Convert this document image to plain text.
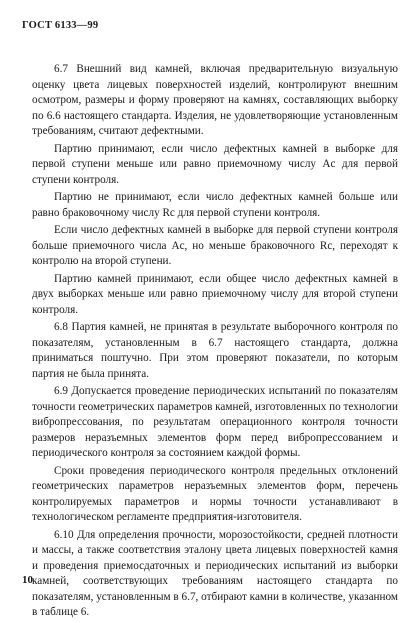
ГОСТ 6133—99

6.7 Внешний вид камней, включая предварительную визуальную оценку цвета лицевых поверхностей изделий, контролируют внешним осмотром, размеры и форму проверяют на камнях, составляющих выборку по 6.6 настоящего стандарта. Изделия, не удовлетворяющие установленным требованиям, считают дефектными.

Партию принимают, если число дефектных камней в выборке для первой ступени меньше или равно приемочному числу Aс для первой ступени контроля.

Партию не принимают, если число дефектных камней больше или равно браковочному числу Rс для первой ступени контроля.

Если число дефектных камней в выборке для первой ступени контроля больше приемочного числа Aс, но меньше браковочного Rс, переходят к контролю на второй ступени.

Партию камней принимают, если общее число дефектных камней в двух выборках меньше или равно приемочному числу для второй ступени контроля.

6.8 Партия камней, не принятая в результате выборочного контроля по показателям, установленным в 6.7 настоящего стандарта, должна приниматься поштучно. При этом проверяют показатели, по которым партия не была принята.

6.9 Допускается проведение периодических испытаний по показателям точности геометрических параметров камней, изготовленных по технологии вибропрессования, по результатам операционного контроля точности размеров неразъемных элементов форм перед вибропрессованием и периодического контроля за состоянием каждой формы.

Сроки проведения периодического контроля предельных отклонений геометрических параметров неразъемных элементов форм, перечень контролируемых параметров и нормы точности устанавливают в технологическом регламенте предприятия-изготовителя.

6.10 Для определения прочности, морозостойкости, средней плотности и массы, а также соответствия эталону цвета лицевых поверхностей камня и проведения приемосдаточных и периодических испытаний из выборки камней, соответствующих требованиям настоящего стандарта по показателям, установленным в 6.7, отбирают камни в количестве, указанном в таблице 6.

10
